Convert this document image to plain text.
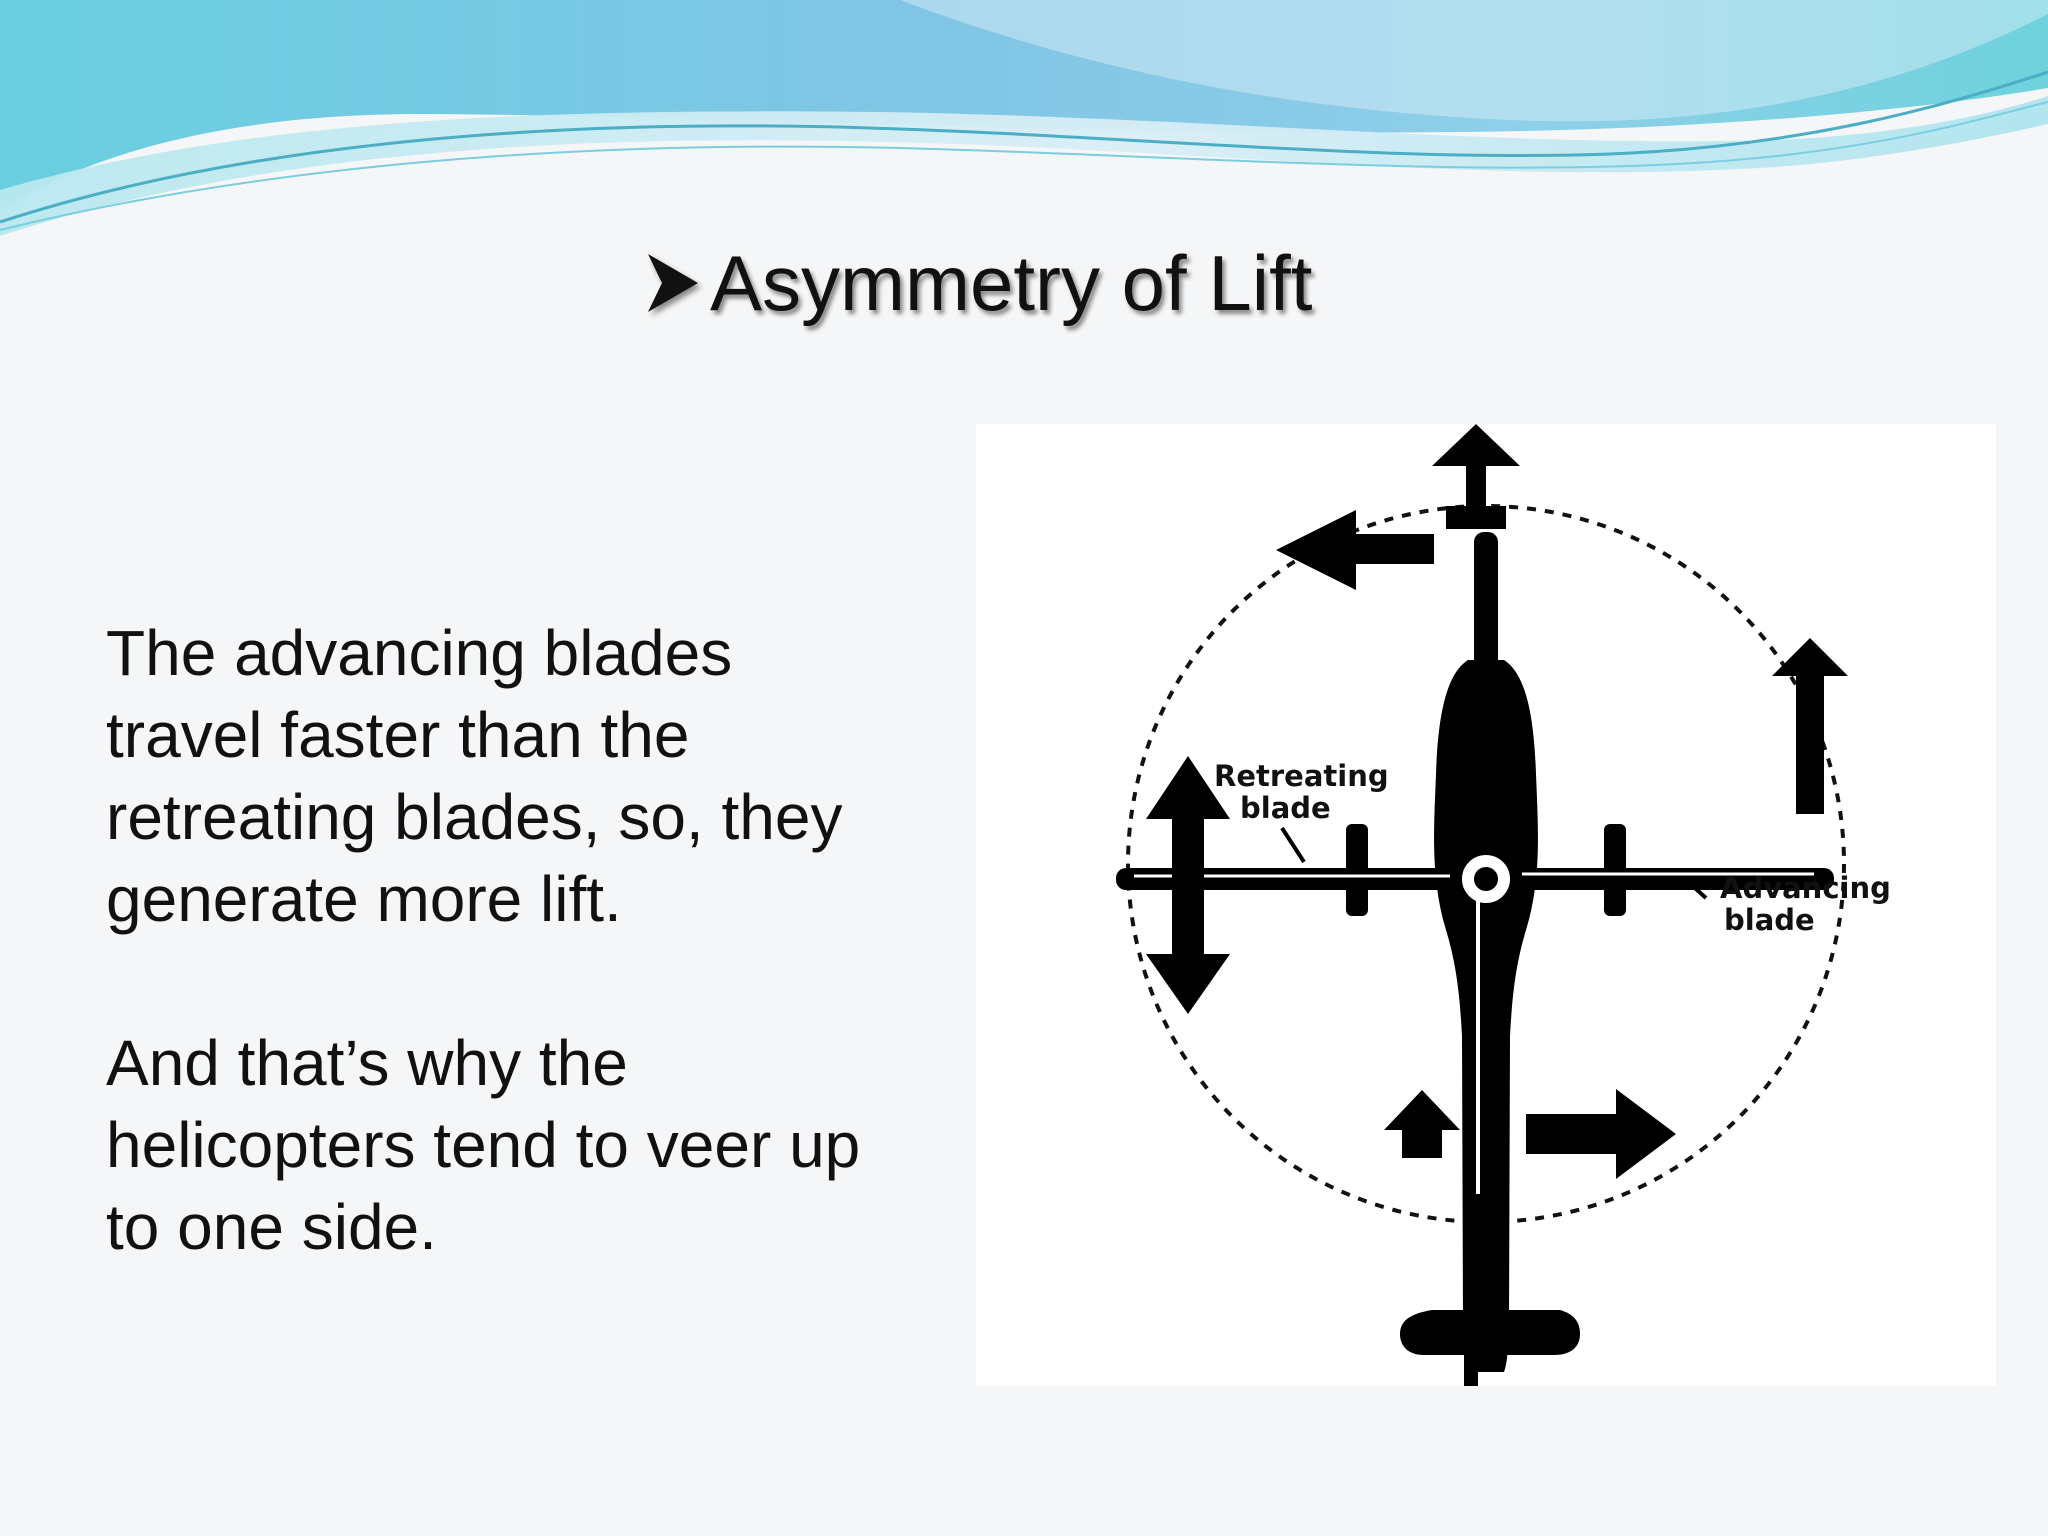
Asymmetry of Lift

The advancing blades
travel faster than the
retreating blades, so, they
generate more lift.

And that’s why the
helicopters tend to veer up
to one side.

Retreating
blade
Advancing
blade
